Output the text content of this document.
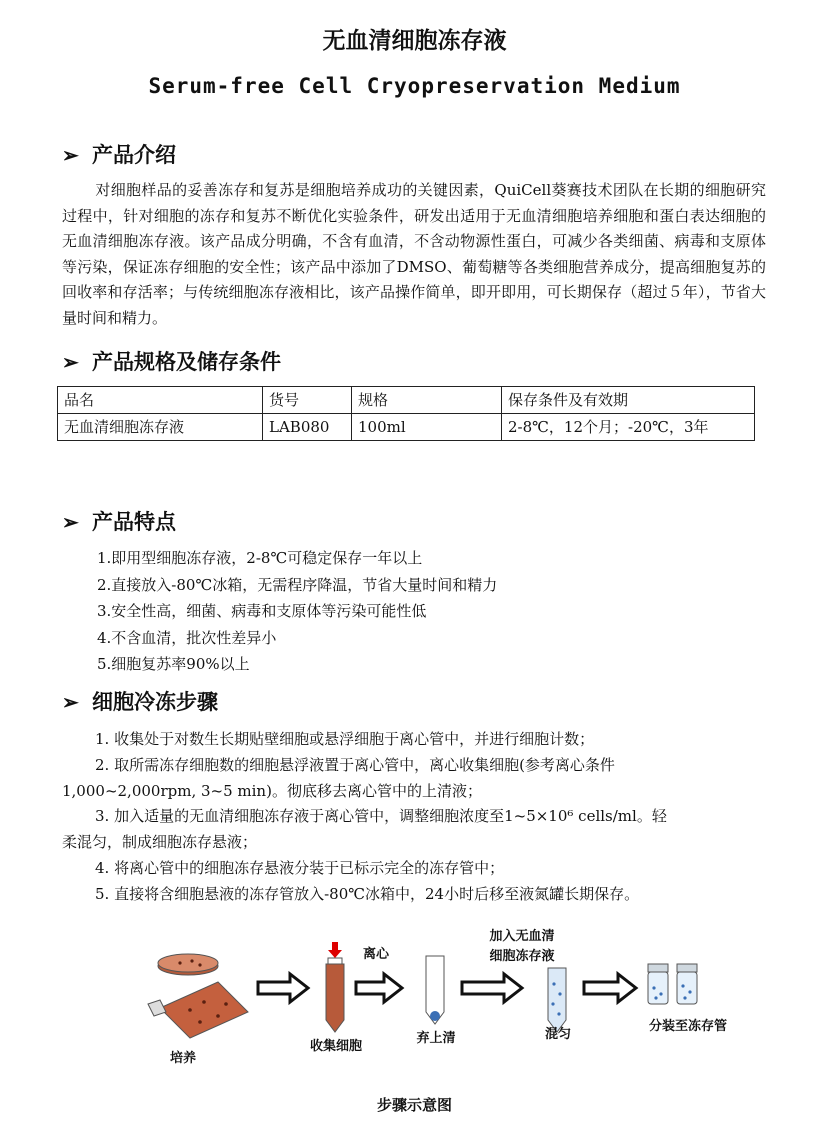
无血清细胞冻存液
Serum-free Cell Cryopreservation Medium
➢ 产品介绍
对细胞样品的妥善冻存和复苏是细胞培养成功的关键因素，QuiCell葵赛技术团队在长期的细胞研究过程中，针对细胞的冻存和复苏不断优化实验条件，研发出适用于无血清细胞培养细胞和蛋白表达细胞的无血清细胞冻存液。该产品成分明确，不含有血清，不含动物源性蛋白，可减少各类细菌、病毒和支原体等污染，保证冻存细胞的安全性；该产品中添加了DMSO、葡萄糖等各类细胞营养成分，提高细胞复苏的回收率和存活率；与传统细胞冻存液相比，该产品操作简单，即开即用，可长期保存（超过５年），节省大量时间和精力。
➢ 产品规格及储存条件
品名	货号	规格	保存条件及有效期
无血清细胞冻存液	LAB080	100ml	2-8℃，12个月；-20℃，3年
➢ 产品特点
1.即用型细胞冻存液，2-8℃可稳定保存一年以上
2.直接放入-80℃冰箱，无需程序降温，节省大量时间和精力
3.安全性高，细菌、病毒和支原体等污染可能性低
4.不含血清，批次性差异小
5.细胞复苏率90%以上
➢ 细胞冷冻步骤
1. 收集处于对数生长期贴壁细胞或悬浮细胞于离心管中，并进行细胞计数；
2. 取所需冻存细胞数的细胞悬浮液置于离心管中，离心收集细胞(参考离心条件
1,000~2,000rpm, 3~5 min)。彻底移去离心管中的上清液；
3. 加入适量的无血清细胞冻存液于离心管中，调整细胞浓度至1~5×10⁶ cells/ml。轻
柔混匀，制成细胞冻存悬液；
4. 将离心管中的细胞冻存悬液分装于已标示完全的冻存管中；
5. 直接将含细胞悬液的冻存管放入-80℃冰箱中，24小时后移至液氮罐长期保存。
培养
收集细胞
离心
弃上清
加入无血清
细胞冻存液
混匀
分装至冻存管
步骤示意图
